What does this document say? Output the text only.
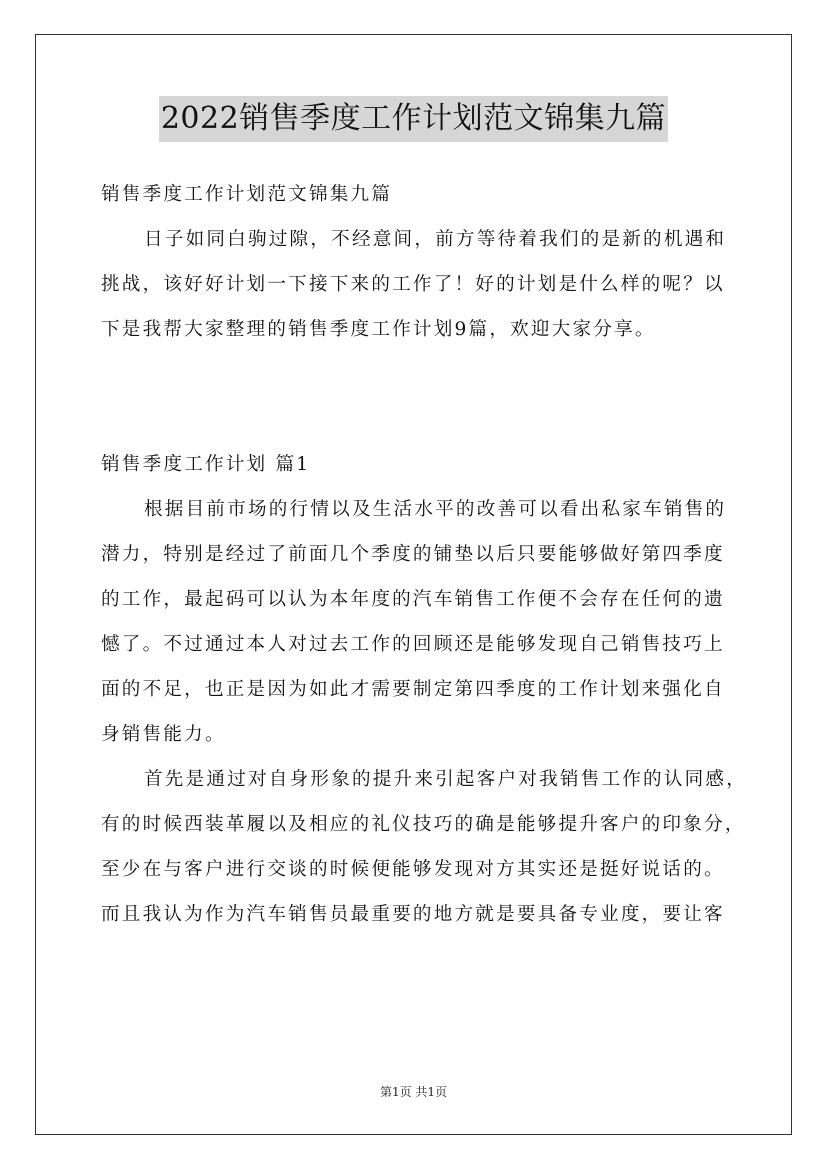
2022销售季度工作计划范文锦集九篇
销售季度工作计划范文锦集九篇
日子如同白驹过隙，不经意间，前方等待着我们的是新的机遇和
挑战，该好好计划一下接下来的工作了！好的计划是什么样的呢？以
下是我帮大家整理的销售季度工作计划9篇，欢迎大家分享。
销售季度工作计划 篇1
根据目前市场的行情以及生活水平的改善可以看出私家车销售的
潜力，特别是经过了前面几个季度的铺垫以后只要能够做好第四季度
的工作，最起码可以认为本年度的汽车销售工作便不会存在任何的遗
憾了。不过通过本人对过去工作的回顾还是能够发现自己销售技巧上
面的不足，也正是因为如此才需要制定第四季度的工作计划来强化自
身销售能力。
首先是通过对自身形象的提升来引起客户对我销售工作的认同感，
有的时候西装革履以及相应的礼仪技巧的确是能够提升客户的印象分，
至少在与客户进行交谈的时候便能够发现对方其实还是挺好说话的。
而且我认为作为汽车销售员最重要的地方就是要具备专业度，要让客
第1页 共1页
